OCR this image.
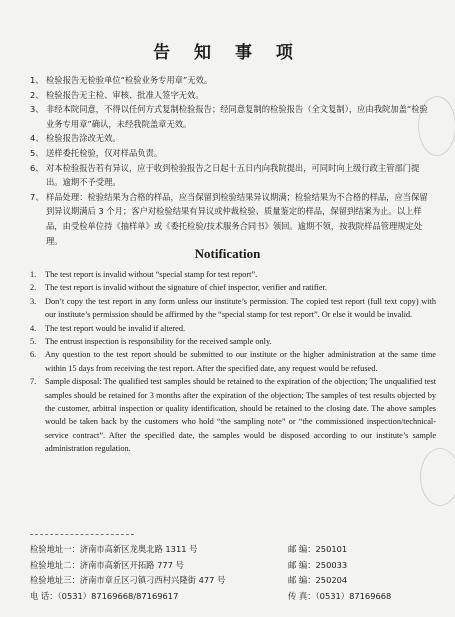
告 知 事 项
1、 检验报告无检验单位“检验业务专用章”无效。
2、 检验报告无主检、审核、批准人签字无效。
3、 非经本院同意，不得以任何方式复制检验报告；经同意复制的检验报告（全文复制），应由我院加盖“检验业务专用章”确认，未经我院盖章无效。
4、 检验报告涂改无效。
5、 送样委托检验，仅对样品负责。
6、 对本检验报告若有异议，应于收到检验报告之日起十五日内向我院提出，可同时向上级行政主管部门提出。逾期不予受理。
7、 样品处理：检验结果为合格的样品，应当保留到检验结果异议期满；检验结果为不合格的样品，应当保留到异议期满后 3 个月；客户对检验结果有异议或仲裁检验、质量鉴定的样品，保留到结案为止。以上样品，由受检单位持《抽样单》或《委托检验/技术服务合同书》领回。逾期不领，按我院样品管理规定处理。
Notification
1.	The test report is invalid without “special stamp for test report”.
2.	The test report is invalid without the signature of chief inspector, verifier and ratifier.
3.	Don’t copy the test report in any form unless our institute’s permission. The copied test report (full text copy) with our institute’s permission should be affirmed by the “special stamp for test report”. Or else it would be invalid.
4.	The test report would be invalid if altered.
5.	The entrust inspection is responsibility for the received sample only.
6.	Any question to the test report should be submitted to our institute or the higher administration at the same time within 15 days from receiving the test report. After the specified date, any request would be refused.
7.	Sample disposal: The qualified test samples should be retained to the expiration of the objection; The unqualified test samples should be retained for 3 months after the expiration of the objection; The samples of test results objected by the customer, arbitral inspection or quality identification, should be retained to the closing date. The above samples would be taken back by the customers who hold “the sampling note” or “the commissioned inspection/technical-service contract”. After the specified date, the samples would be disposed according to our institute’s sample administration regulation.
检验地址一：济南市高新区龙奥北路 1311 号	邮 编：250101
检验地址二：济南市高新区开拓路 777 号	邮 编：250033
检验地址三：济南市章丘区刁镇刁西村兴隆街 477 号	邮 编：250204
电 话：（0531）87169668/87169617	传 真：（0531）87169668
